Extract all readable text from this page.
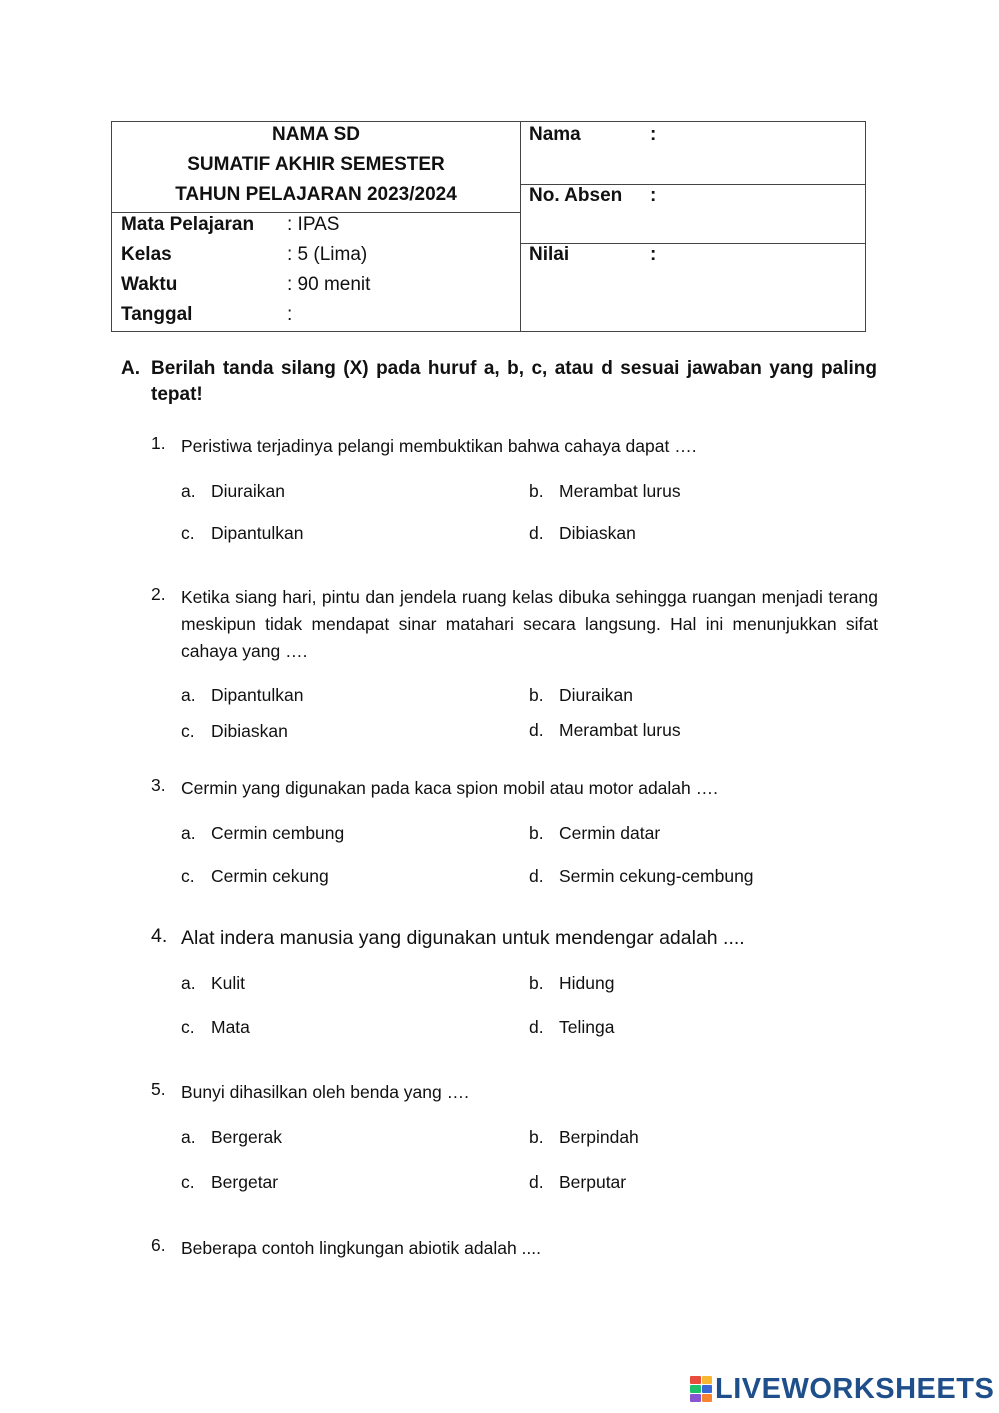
NAMA SD
SUMATIF AKHIR SEMESTER
TAHUN PELAJARAN 2023/2024
Mata Pelajaran	: IPAS
Kelas	: 5 (Lima)
Waktu	: 90 menit
Tanggal	:
Nama	:
No. Absen :
Nilai	:
A. Berilah tanda silang (X) pada huruf a, b, c, atau d sesuai jawaban yang paling tepat!
1. Peristiwa terjadinya pelangi membuktikan bahwa cahaya dapat ….
a. Diuraikan	b. Merambat lurus
c. Dipantulkan	d. Dibiaskan
2. Ketika siang hari, pintu dan jendela ruang kelas dibuka sehingga ruangan menjadi terang meskipun tidak mendapat sinar matahari secara langsung. Hal ini menunjukkan sifat cahaya yang ….
a. Dipantulkan	b. Diuraikan
c. Dibiaskan	d. Merambat lurus
3. Cermin yang digunakan pada kaca spion mobil atau motor adalah ….
a. Cermin cembung	b. Cermin datar
c. Cermin cekung	d. Sermin cekung-cembung
4. Alat indera manusia yang digunakan untuk mendengar adalah ....
a. Kulit	b. Hidung
c. Mata	d. Telinga
5. Bunyi dihasilkan oleh benda yang ….
a. Bergerak	b. Berpindah
c. Bergetar	d. Berputar
6. Beberapa contoh lingkungan abiotik adalah ....
LIVEWORKSHEETS
